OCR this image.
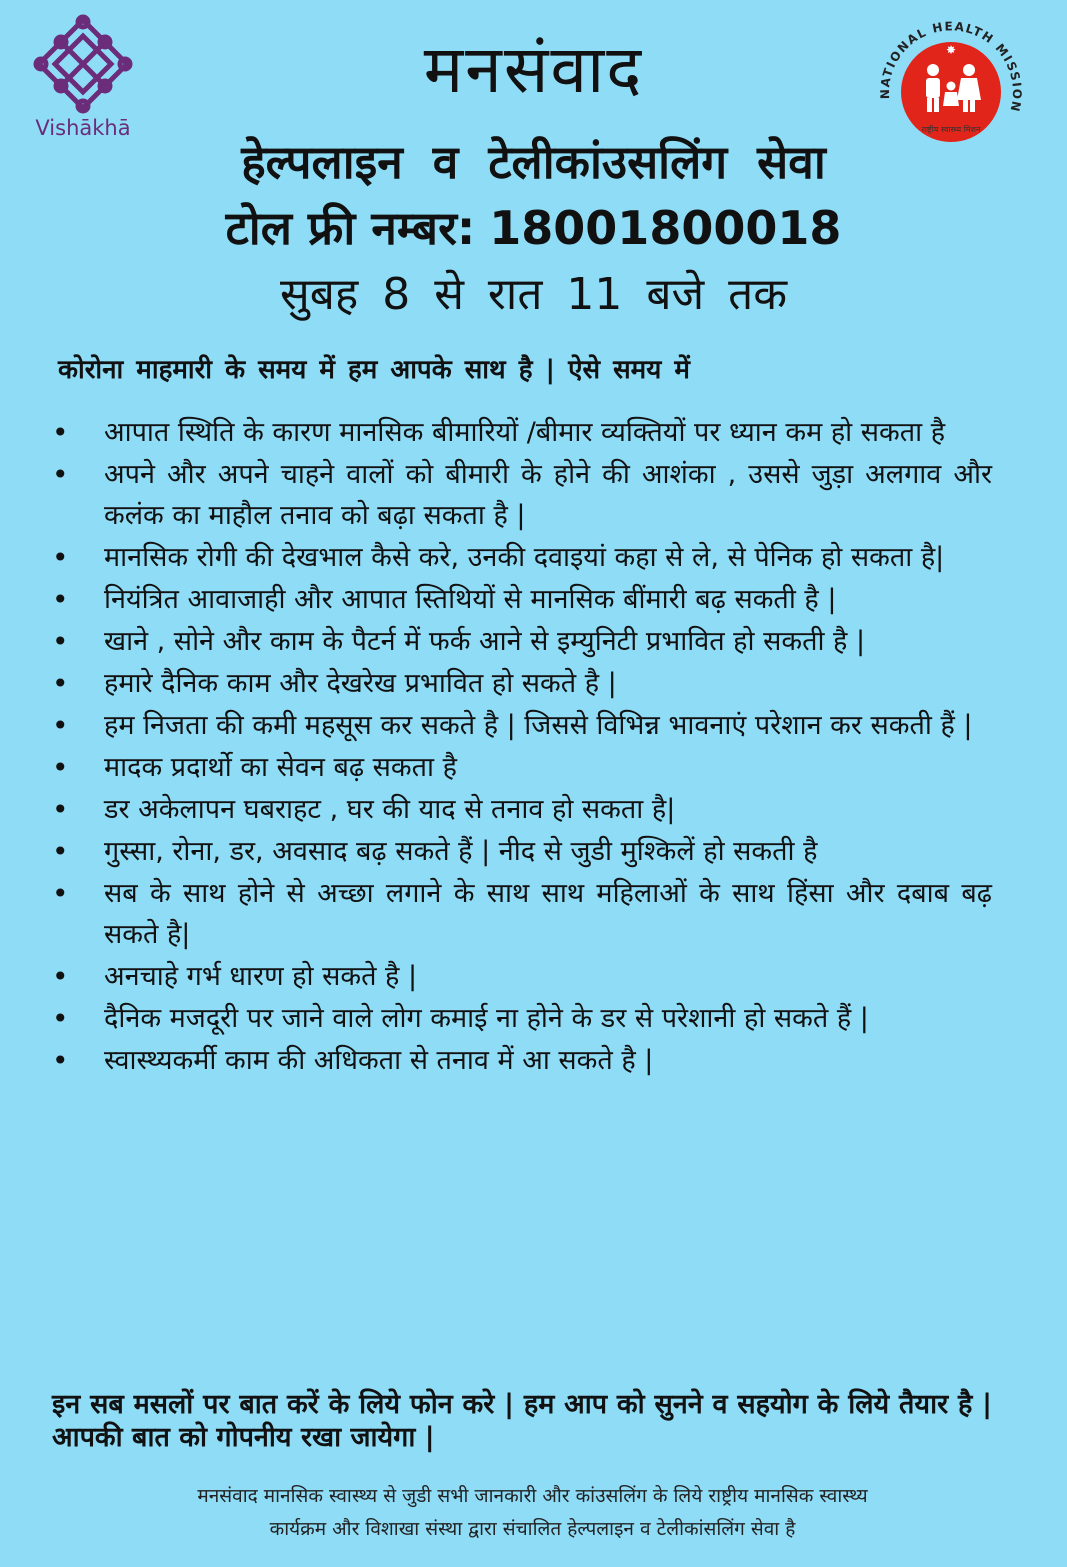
Vishākhā
NATIONAL HEALTH MISSION
✸
राष्ट्रीय स्वास्थ्य मिशन
मनसंवाद
हेल्पलाइन व टेलीकांउसलिंग सेवा
टोल फ्री नम्बर: 18001800018
सुबह 8 से रात 11 बजे तक
कोरोना माहमारी के समय में हम आपके साथ है | ऐसे समय में
• आपात स्थिति के कारण मानसिक बीमारियों /बीमार व्यक्तियों पर ध्यान कम हो सकता है
• अपने और अपने चाहने वालों को बीमारी के होने की आशंका , उससे जुड़ा अलगाव और कलंक का माहौल तनाव को बढ़ा सकता है |
• मानसिक रोगी की देखभाल कैसे करे, उनकी दवाइयां कहा से ले, से पेनिक हो सकता है|
• नियंत्रित आवाजाही और आपात स्तिथियों से मानसिक बींमारी बढ़ सकती है |
• खाने , सोने और काम के पैटर्न में फर्क आने से इम्युनिटी प्रभावित हो सकती है |
• हमारे दैनिक काम और देखरेख प्रभावित हो सकते है |
• हम निजता की कमी महसूस कर सकते है | जिससे विभिन्न भावनाएं परेशान कर सकती हैं |
• मादक प्रदार्थो का सेवन बढ़ सकता है
• डर अकेलापन घबराहट , घर की याद से तनाव हो सकता है|
• गुस्सा, रोना, डर, अवसाद बढ़ सकते हैं | नीद से जुडी मुश्किलें हो सकती है
• सब के साथ होने से अच्छा लगाने के साथ साथ महिलाओं के साथ हिंसा और दबाब बढ़ सकते है|
• अनचाहे गर्भ धारण हो सकते है |
• दैनिक मजदूरी पर जाने वाले लोग कमाई ना होने के डर से परेशानी हो सकते हैं |
• स्वास्थ्यकर्मी काम की अधिकता से तनाव में आ सकते है |
इन सब मसलों पर बात करें के लिये फोन करे | हम आप को सुनने व सहयोग के लिये तैयार है |आपकी बात को गोपनीय रखा जायेगा |
मनसंवाद मानसिक स्वास्थ्य से जुडी सभी जानकारी और कांउसलिंग के लिये राष्ट्रीय मानसिक स्वास्थ्य
कार्यक्रम और विशाखा संस्था द्वारा संचालित हेल्पलाइन व टेलीकांसलिंग सेवा है
